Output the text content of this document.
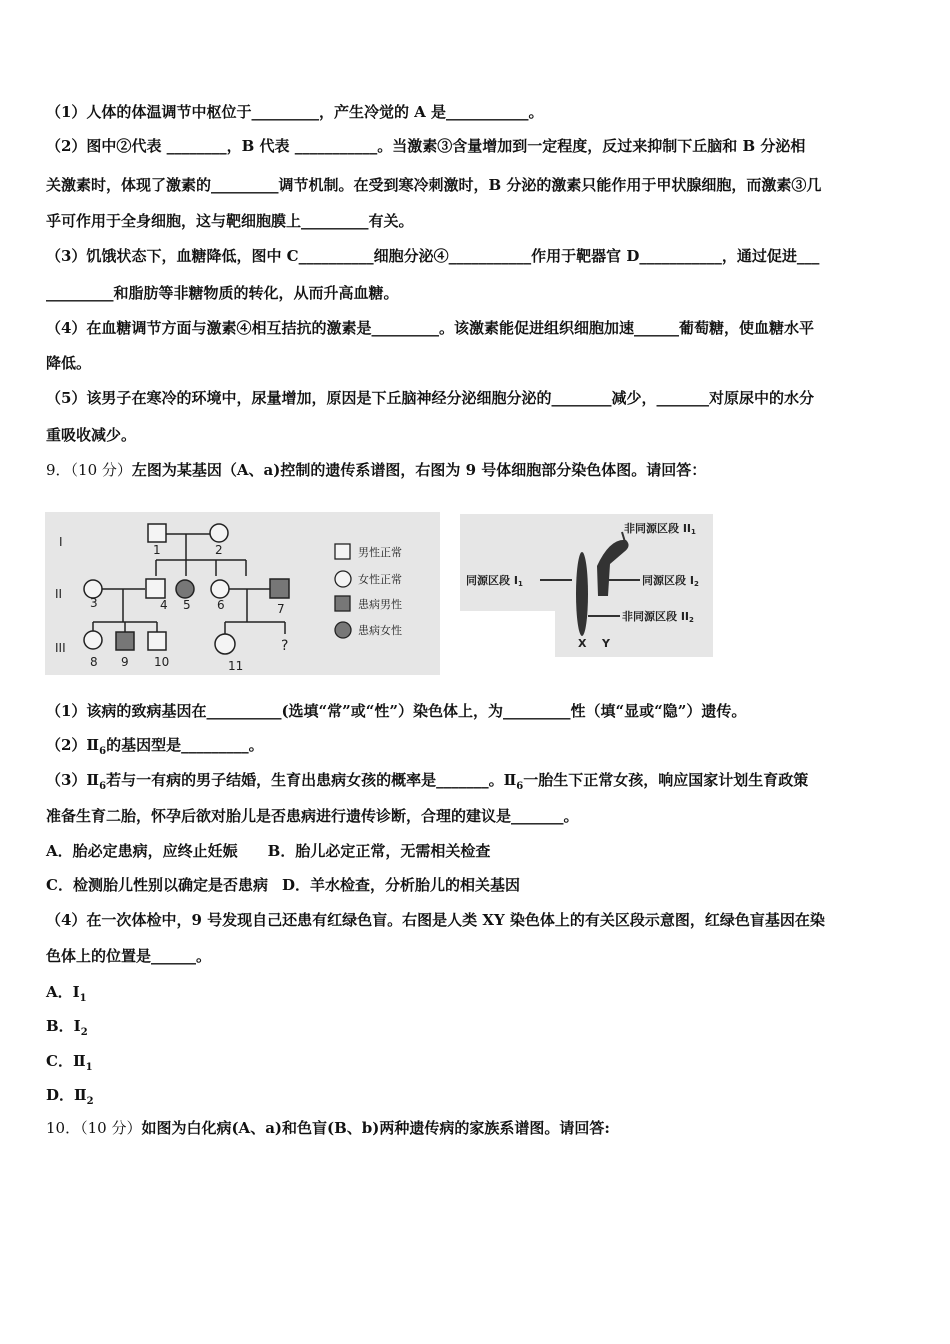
（1）人体的体温调节中枢位于_________，产生冷觉的 A 是___________。
（2）图中②代表 ________，B 代表 ___________。当激素③含量增加到一定程度，反过来抑制下丘脑和 B 分泌相
关激素时，体现了激素的_________调节机制。在受到寒冷刺激时，B 分泌的激素只能作用于甲状腺细胞，而激素③几
乎可作用于全身细胞，这与靶细胞膜上_________有关。
（3）饥饿状态下，血糖降低，图中 C__________细胞分泌④___________作用于靶器官 D___________，通过促进___
_________和脂肪等非糖物质的转化，从而升高血糖。
（4）在血糖调节方面与激素④相互拮抗的激素是_________。该激素能促进组织细胞加速______葡萄糖，使血糖水平
降低。
（5）该男子在寒冷的环境中，尿量增加，原因是下丘脑神经分泌细胞分泌的________减少，_______对原尿中的水分
重吸收减少。
9．（10 分）左图为某基因（A、a)控制的遗传系谱图，右图为 9 号体细胞部分染色体图。请回答：
I
II
III
1	2
3	4 5 6	7
8 9 10	11
?
男性正常
女性正常
患病男性
患病女性
非同源区段 II1
同源区段 I1	同源区段 I2
非同源区段 II2
X Y
（1）该病的致病基因在__________(选填“常”或“性”）染色体上，为_________性（填“显或“隐”）遗传。
$(2)Ⅱ_6$的基因型是_________。
$(3)Ⅱ_6$若与一有病的男子结婚，生育出患病女孩的概率是_______。$Ⅱ_6$一胎生下正常女孩，响应国家计划生育政策
准备生育二胎，怀孕后欲对胎儿是否患病进行遗传诊断，合理的建议是_______。
A．胎必定患病，应终止妊娠 B．胎儿必定正常，无需相关检查
C．检测胎儿性别以确定是否患病 D．羊水检查，分析胎儿的相关基因
（4）在一次体检中，9 号发现自己还患有红绿色盲。右图是人类 XY 染色体上的有关区段示意图，红绿色盲基因在染
色体上的位置是______。
A．$Ⅰ_1$
B．$Ⅰ_2$
C．$Ⅱ_1$
D．$Ⅱ_2$
10．（10 分）如图为白化病(A、a)和色盲(B、b)两种遗传病的家族系谱图。请回答:
